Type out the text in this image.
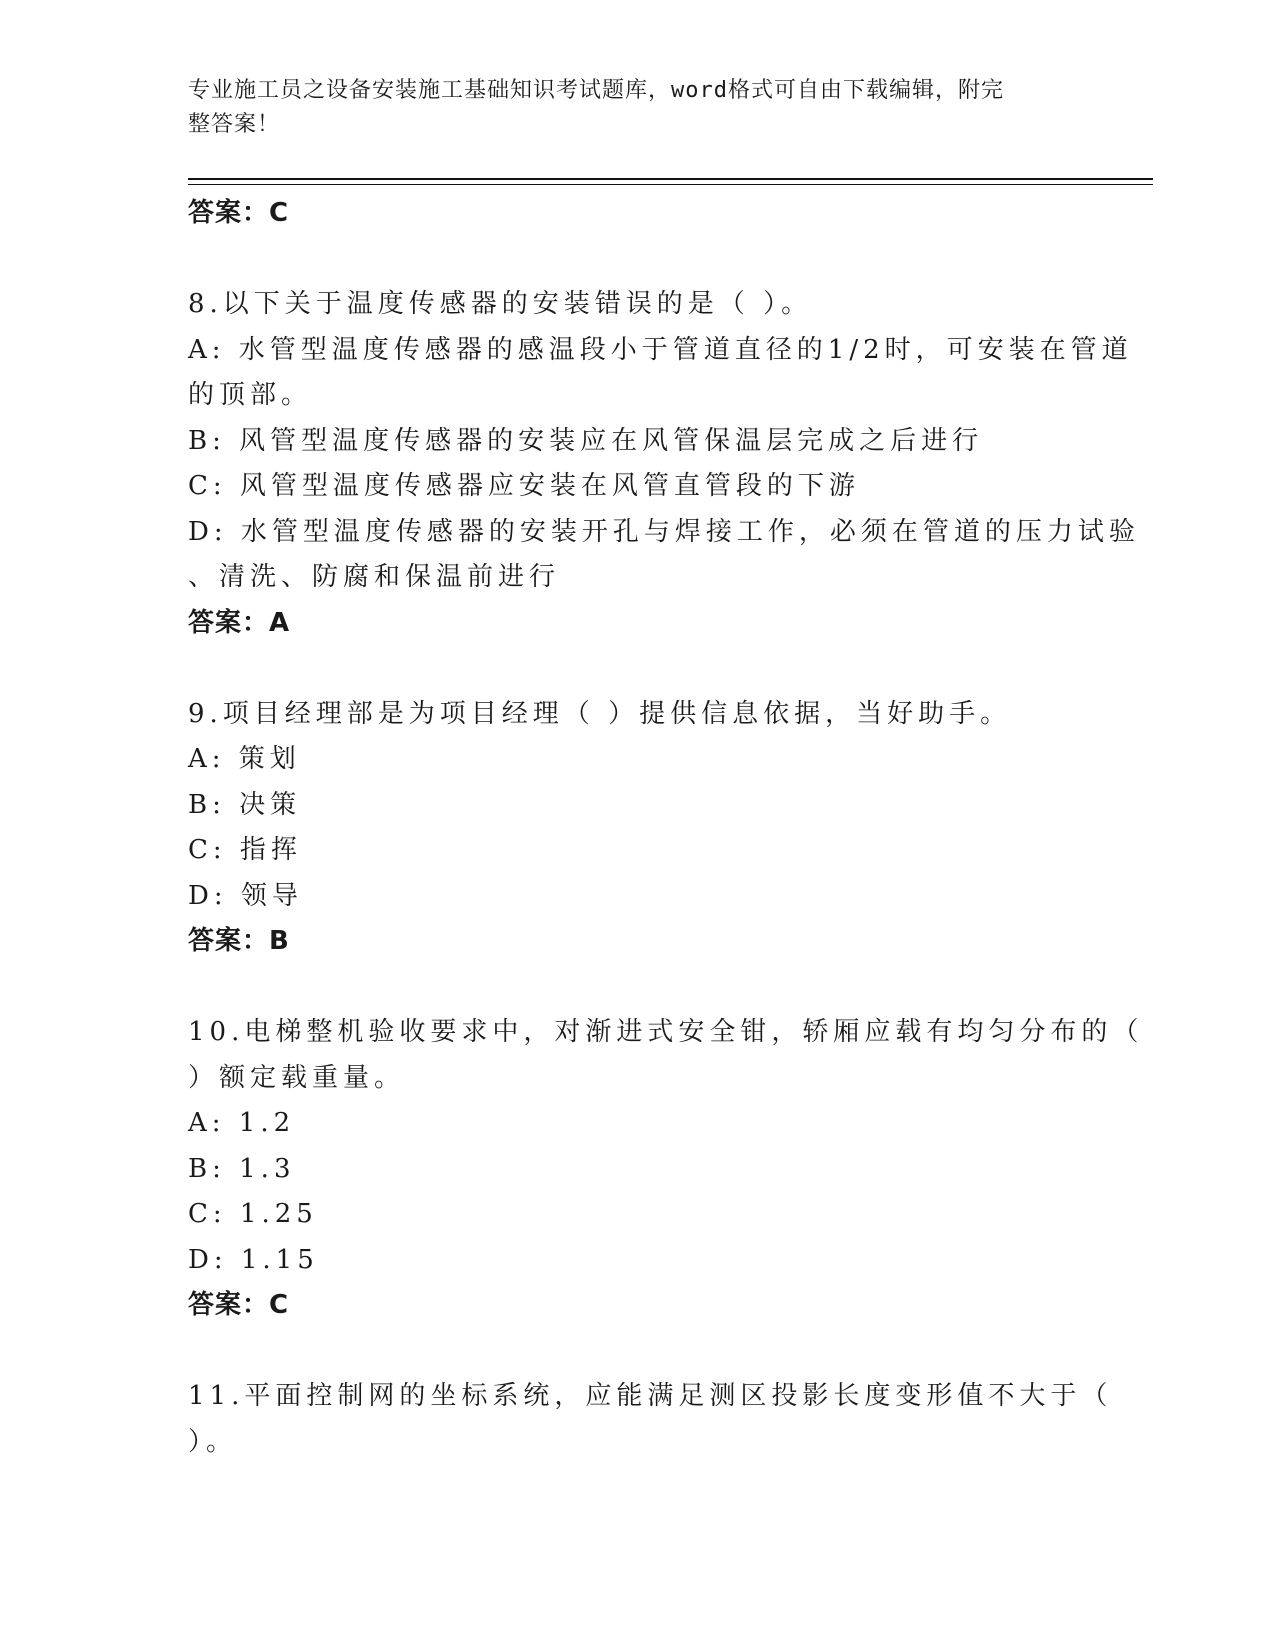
专业施工员之设备安装施工基础知识考试题库，word格式可自由下载编辑，附完
整答案！
答案：C
8.以下关于温度传感器的安装错误的是（ ）。
A: 水管型温度传感器的感温段小于管道直径的1/2时，可安装在管道
的顶部。
B: 风管型温度传感器的安装应在风管保温层完成之后进行
C: 风管型温度传感器应安装在风管直管段的下游
D: 水管型温度传感器的安装开孔与焊接工作，必须在管道的压力试验
、清洗、防腐和保温前进行
答案：A
9.项目经理部是为项目经理（ ）提供信息依据，当好助手。
A: 策划
B: 决策
C: 指挥
D: 领导
答案：B
10.电梯整机验收要求中，对渐进式安全钳，轿厢应载有均匀分布的（
）额定载重量。
A: 1.2
B: 1.3
C: 1.25
D: 1.15
答案：C
11.平面控制网的坐标系统，应能满足测区投影长度变形值不大于（
）。
